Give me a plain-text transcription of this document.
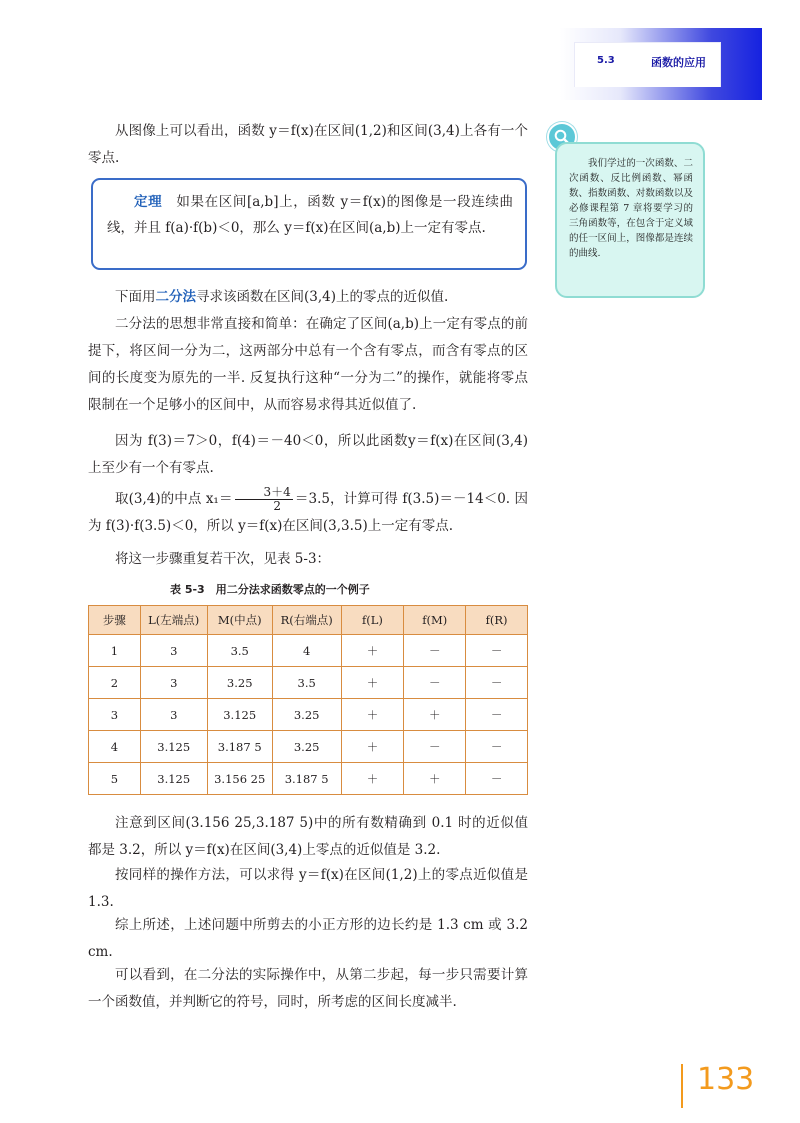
5.3	函数的应用

从图像上可以看出，函数 y＝f(x)在区间(1,2)和区间(3,4)上各有一个零点.

定理　 如果在区间[a,b]上，函数 y＝f(x)的图像是一段连续曲线，并且 f(a)·f(b)＜0，那么 y＝f(x)在区间(a,b)上一定有零点.

我们学过的一次函数、二次函数、反比例函数、幂函数、指数函数、对数函数以及必修课程第 7 章将要学习的三角函数等，在包含于定义域的任一区间上，图像都是连续的曲线.

下面用二分法寻求该函数在区间(3,4)上的零点的近似值.

二分法的思想非常直接和简单：在确定了区间(a,b)上一定有零点的前提下，将区间一分为二，这两部分中总有一个含有零点，而含有零点的区间的长度变为原先的一半. 反复执行这种“一分为二”的操作，就能将零点限制在一个足够小的区间中，从而容易求得其近似值了.

因为 f(3)＝7＞0，f(4)＝－40＜0，所以此函数y＝f(x)在区间(3,4)上至少有一个有零点.

取(3,4)的中点 $x_1= \frac{3+4}{2} =3.5$，计算可得 f(3.5)＝－14＜0. 因为 f(3)·f(3.5)＜0，所以 y＝f(x)在区间(3,3.5)上一定有零点.

将这一步骤重复若干次，见表 5-3：

表 5-3　用二分法求函数零点的一个例子
步骤	L(左端点)	M(中点)	R(右端点)	f(L)	f(M)	f(R)
1	3	3.5	4	＋	－	－
2	3	3.25	3.5	＋	－	－
3	3	3.125	3.25	＋	＋	－
4	3.125	3.187 5	3.25	＋	－	－
5	3.125	3.156 25	3.187 5	＋	＋	－

注意到区间(3.156 25,3.187 5)中的所有数精确到 0.1 时的近似值都是 3.2，所以 y＝f(x)在区间(3,4)上零点的近似值是 3.2.

按同样的操作方法，可以求得 y＝f(x)在区间(1,2)上的零点近似值是 1.3.

综上所述，上述问题中所剪去的小正方形的边长约是 1.3 cm 或 3.2 cm.

可以看到，在二分法的实际操作中，从第二步起，每一步只需要计算一个函数值，并判断它的符号，同时，所考虑的区间长度减半.

133
